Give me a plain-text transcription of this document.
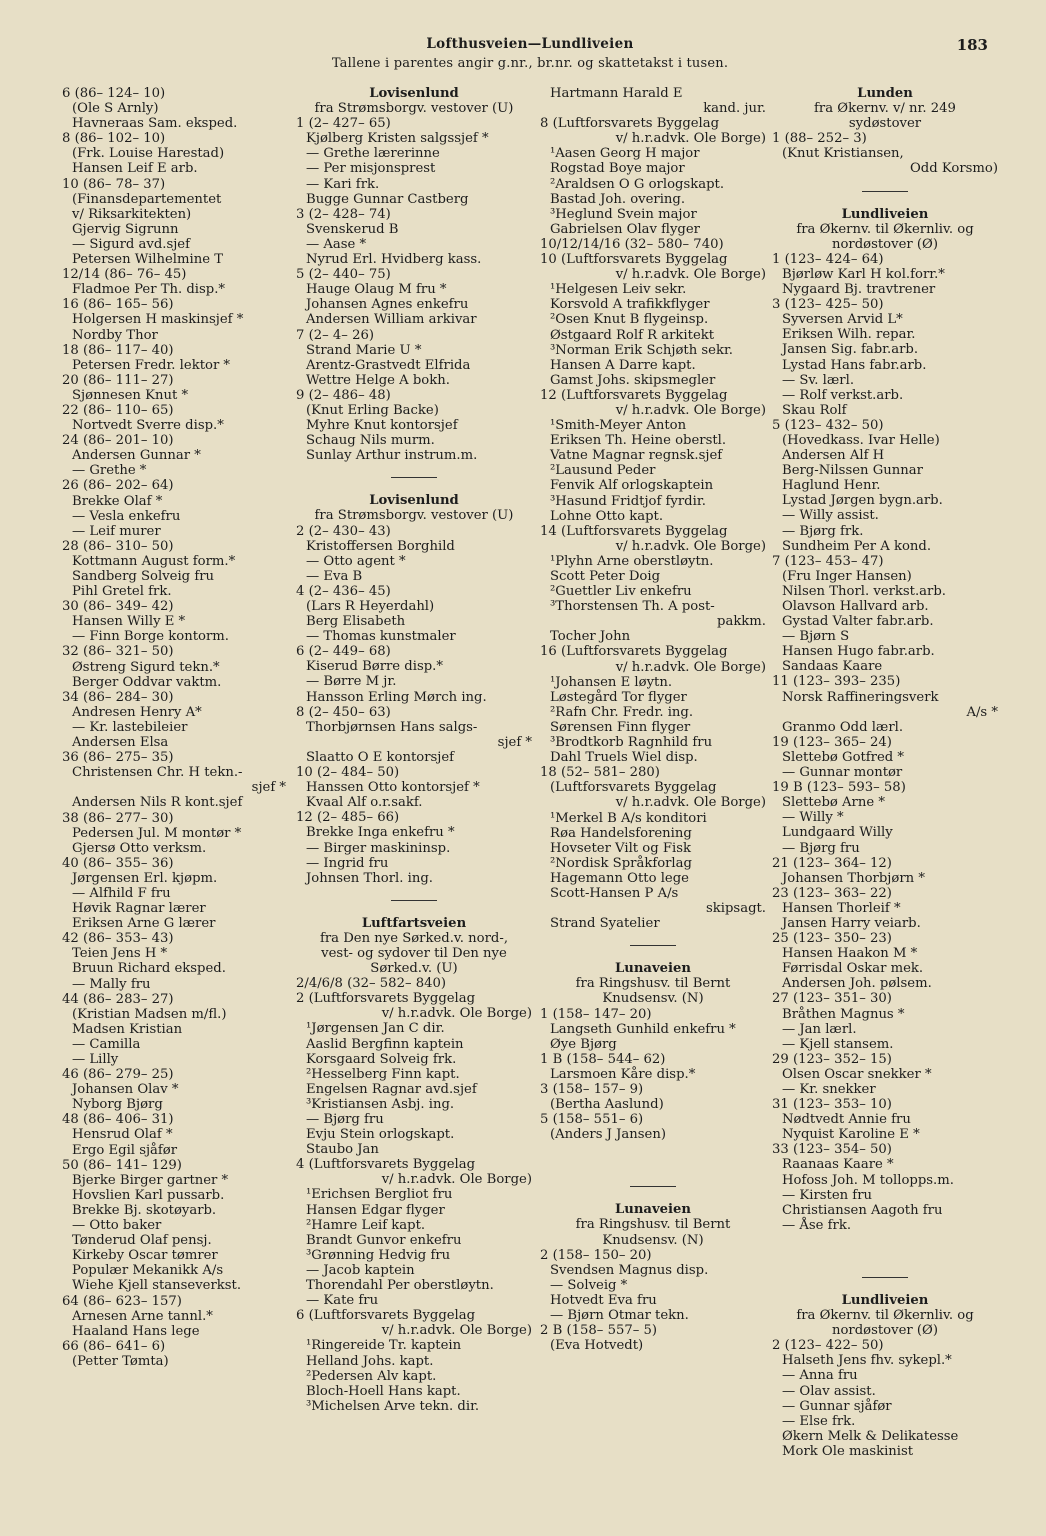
Lofthusveien—Lundliveien
Tallene i parentes angir g.nr., br.nr. og skattetakst i tusen.
183
6 (86– 124– 10)
(Ole S Arnly)
Havneraas Sam. eksped.
8 (86– 102– 10)
(Frk. Louise Harestad)
Hansen Leif E arb.
10 (86– 78– 37)
(Finansdepartementet
v/ Riksarkitekten)
Gjervig Sigrunn
— Sigurd avd.sjef
Petersen Wilhelmine T
12/14 (86– 76– 45)
Fladmoe Per Th. disp.*
16 (86– 165– 56)
Holgersen H maskinsjef *
Nordby Thor
18 (86– 117– 40)
Petersen Fredr. lektor *
20 (86– 111– 27)
Sjønnesen Knut *
22 (86– 110– 65)
Nortvedt Sverre disp.*
24 (86– 201– 10)
Andersen Gunnar *
— Grethe *
26 (86– 202– 64)
Brekke Olaf *
— Vesla enkefru
— Leif murer
28 (86– 310– 50)
Kottmann August form.*
Sandberg Solveig fru
Pihl Gretel frk.
30 (86– 349– 42)
Hansen Willy E *
— Finn Borge kontorm.
32 (86– 321– 50)
Østreng Sigurd tekn.*
Berger Oddvar vaktm.
34 (86– 284– 30)
Andresen Henry A*
— Kr. lastebileier
Andersen Elsa
36 (86– 275– 35)
Christensen Chr. H tekn.-
sjef *
Andersen Nils R kont.sjef
38 (86– 277– 30)
Pedersen Jul. M montør *
Gjersø Otto verksm.
40 (86– 355– 36)
Jørgensen Erl. kjøpm.
— Alfhild F fru
Høvik Ragnar lærer
Eriksen Arne G lærer
42 (86– 353– 43)
Teien Jens H *
Bruun Richard eksped.
— Mally fru
44 (86– 283– 27)
(Kristian Madsen m/fl.)
Madsen Kristian
— Camilla
— Lilly
46 (86– 279– 25)
Johansen Olav *
Nyborg Bjørg
48 (86– 406– 31)
Hensrud Olaf *
Ergo Egil sjåfør
50 (86– 141– 129)
Bjerke Birger gartner *
Hovslien Karl pussarb.
Brekke Bj. skotøyarb.
— Otto baker
Tønderud Olaf pensj.
Kirkeby Oscar tømrer
Populær Mekanikk A/s
Wiehe Kjell stanseverkst.
64 (86– 623– 157)
Arnesen Arne tannl.*
Haaland Hans lege
66 (86– 641– 6)
(Petter Tømta)
Lovisenlund
fra Strømsborgv. vestover (U)
1 (2– 427– 65)
Kjølberg Kristen salgssjef *
— Grethe lærerinne
— Per misjonsprest
— Kari frk.
Bugge Gunnar Castberg
3 (2– 428– 74)
Svenskerud B
— Aase *
Nyrud Erl. Hvidberg kass.
5 (2– 440– 75)
Hauge Olaug M fru *
Johansen Agnes enkefru
Andersen William arkivar
7 (2– 4– 26)
Strand Marie U *
Arentz-Grastvedt Elfrida
Wettre Helge A bokh.
9 (2– 486– 48)
(Knut Erling Backe)
Myhre Knut kontorsjef
Schaug Nils murm.
Sunlay Arthur instrum.m.
Lovisenlund
fra Strømsborgv. vestover (U)
2 (2– 430– 43)
Kristoffersen Borghild
— Otto agent *
— Eva B
4 (2– 436– 45)
(Lars R Heyerdahl)
Berg Elisabeth
— Thomas kunstmaler
6 (2– 449– 68)
Kiserud Børre disp.*
— Børre M jr.
Hansson Erling Mørch ing.
8 (2– 450– 63)
Thorbjørnsen Hans salgs-
sjef *
Slaatto O E kontorsjef
10 (2– 484– 50)
Hanssen Otto kontorsjef *
Kvaal Alf o.r.sakf.
12 (2– 485– 66)
Brekke Inga enkefru *
— Birger maskininsp.
— Ingrid fru
Johnsen Thorl. ing.
Luftfartsveien
fra Den nye Sørked.v. nord-,
vest- og sydover til Den nye
Sørked.v. (U)
2/4/6/8 (32– 582– 840)
2 (Luftforsvarets Byggelag
v/ h.r.advk. Ole Borge)
¹Jørgensen Jan C dir.
Aaslid Bergfinn kaptein
Korsgaard Solveig frk.
²Hesselberg Finn kapt.
Engelsen Ragnar avd.sjef
³Kristiansen Asbj. ing.
— Bjørg fru
Evju Stein orlogskapt.
Staubo Jan
4 (Luftforsvarets Byggelag
v/ h.r.advk. Ole Borge)
¹Erichsen Bergliot fru
Hansen Edgar flyger
²Hamre Leif kapt.
Brandt Gunvor enkefru
³Grønning Hedvig fru
— Jacob kaptein
Thorendahl Per oberstløytn.
— Kate fru
6 (Luftforsvarets Byggelag
v/ h.r.advk. Ole Borge)
¹Ringereide Tr. kaptein
Helland Johs. kapt.
²Pedersen Alv kapt.
Bloch-Hoell Hans kapt.
³Michelsen Arve tekn. dir.
Hartmann Harald E
kand. jur.
8 (Luftforsvarets Byggelag
v/ h.r.advk. Ole Borge)
¹Aasen Georg H major
Rogstad Boye major
²Araldsen O G orlogskapt.
Bastad Joh. overing.
³Heglund Svein major
Gabrielsen Olav flyger
10/12/14/16 (32– 580– 740)
10 (Luftforsvarets Byggelag
v/ h.r.advk. Ole Borge)
¹Helgesen Leiv sekr.
Korsvold A trafikkflyger
²Osen Knut B flygeinsp.
Østgaard Rolf R arkitekt
³Norman Erik Schjøth sekr.
Hansen A Darre kapt.
Gamst Johs. skipsmegler
12 (Luftforsvarets Byggelag
v/ h.r.advk. Ole Borge)
¹Smith-Meyer Anton
Eriksen Th. Heine oberstl.
Vatne Magnar regnsk.sjef
²Lausund Peder
Fenvik Alf orlogskaptein
³Hasund Fridtjof fyrdir.
Lohne Otto kapt.
14 (Luftforsvarets Byggelag
v/ h.r.advk. Ole Borge)
¹Plyhn Arne oberstløytn.
Scott Peter Doig
²Guettler Liv enkefru
³Thorstensen Th. A post-
pakkm.
Tocher John
16 (Luftforsvarets Byggelag
v/ h.r.advk. Ole Borge)
¹Johansen E løytn.
Løstegård Tor flyger
²Rafn Chr. Fredr. ing.
Sørensen Finn flyger
³Brodtkorb Ragnhild fru
Dahl Truels Wiel disp.
18 (52– 581– 280)
(Luftforsvarets Byggelag
v/ h.r.advk. Ole Borge)
¹Merkel B A/s konditori
Røa Handelsforening
Hovseter Vilt og Fisk
²Nordisk Språkforlag
Hagemann Otto lege
Scott-Hansen P A/s
skipsagt.
Strand Syatelier
Lunaveien
fra Ringshusv. til Bernt
Knudsensv. (N)
1 (158– 147– 20)
Langseth Gunhild enkefru *
Øye Bjørg
1 B (158– 544– 62)
Larsmoen Kåre disp.*
3 (158– 157– 9)
(Bertha Aaslund)
5 (158– 551– 6)
(Anders J Jansen)
Lunaveien
fra Ringshusv. til Bernt
Knudsensv. (N)
2 (158– 150– 20)
Svendsen Magnus disp.
— Solveig *
Hotvedt Eva fru
— Bjørn Otmar tekn.
2 B (158– 557– 5)
(Eva Hotvedt)
Lunden
fra Økernv. v/ nr. 249
sydøstover
1 (88– 252– 3)
(Knut Kristiansen,
Odd Korsmo)
Lundliveien
fra Økernv. til Økernliv. og
nordøstover (Ø)
1 (123– 424– 64)
Bjørløw Karl H kol.forr.*
Nygaard Bj. travtrener
3 (123– 425– 50)
Syversen Arvid L*
Eriksen Wilh. repar.
Jansen Sig. fabr.arb.
Lystad Hans fabr.arb.
— Sv. lærl.
— Rolf verkst.arb.
Skau Rolf
5 (123– 432– 50)
(Hovedkass. Ivar Helle)
Andersen Alf H
Berg-Nilssen Gunnar
Haglund Henr.
Lystad Jørgen bygn.arb.
— Willy assist.
— Bjørg frk.
Sundheim Per A kond.
7 (123– 453– 47)
(Fru Inger Hansen)
Nilsen Thorl. verkst.arb.
Olavson Hallvard arb.
Gystad Valter fabr.arb.
— Bjørn S
Hansen Hugo fabr.arb.
Sandaas Kaare
11 (123– 393– 235)
Norsk Raffineringsverk
A/s *
Granmo Odd lærl.
19 (123– 365– 24)
Slettebø Gotfred *
— Gunnar montør
19 B (123– 593– 58)
Slettebø Arne *
— Willy *
Lundgaard Willy
— Bjørg fru
21 (123– 364– 12)
Johansen Thorbjørn *
23 (123– 363– 22)
Hansen Thorleif *
Jansen Harry veiarb.
25 (123– 350– 23)
Hansen Haakon M *
Førrisdal Oskar mek.
Andersen Joh. pølsem.
27 (123– 351– 30)
Bråthen Magnus *
— Jan lærl.
— Kjell stansem.
29 (123– 352– 15)
Olsen Oscar snekker *
— Kr. snekker
31 (123– 353– 10)
Nødtvedt Annie fru
Nyquist Karoline E *
33 (123– 354– 50)
Raanaas Kaare *
Hofoss Joh. M tollopps.m.
— Kirsten fru
Christiansen Aagoth fru
— Åse frk.
Lundliveien
fra Økernv. til Økernliv. og
nordøstover (Ø)
2 (123– 422– 50)
Halseth Jens fhv. sykepl.*
— Anna fru
— Olav assist.
— Gunnar sjåfør
— Else frk.
Økern Melk & Delikatesse
Mork Ole maskinist
